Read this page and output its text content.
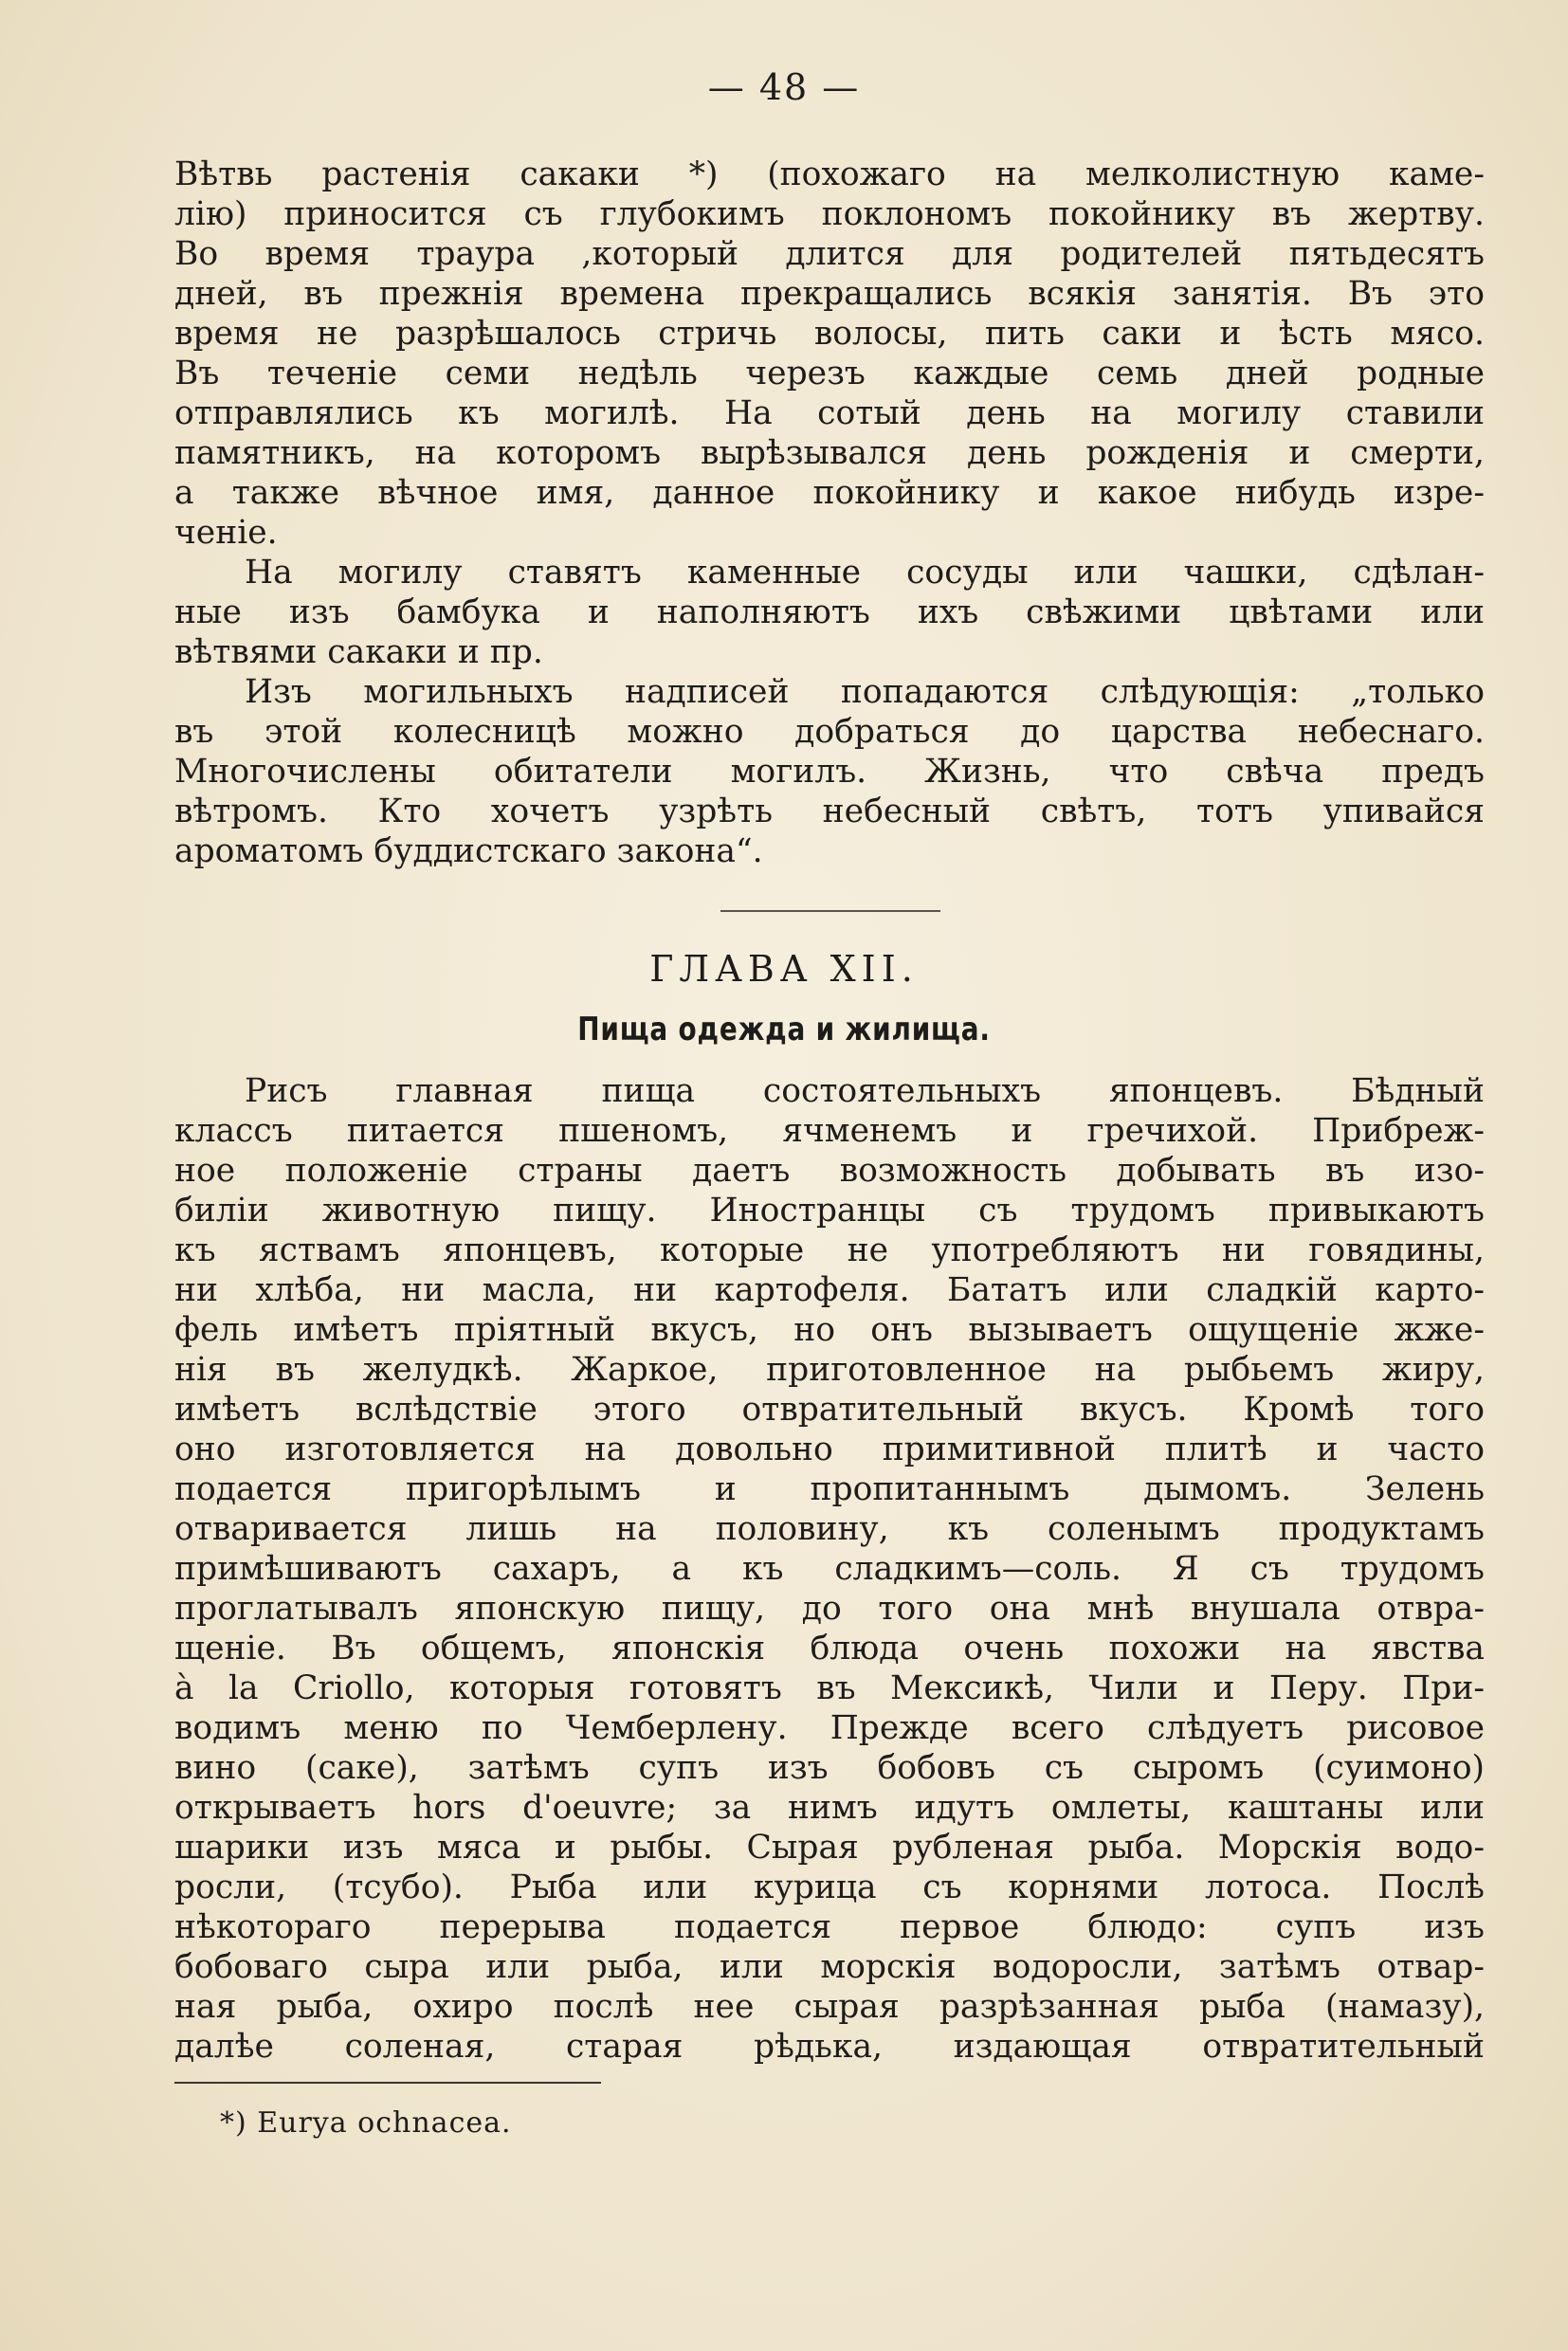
— 48 —
Вѣтвь растенія сакаки *) (похожаго на мелколистную каме-
лію) приносится съ глубокимъ поклономъ покойнику въ жертву.
Во время траура ,который длится для родителей пятьдесятъ
дней, въ прежнія времена прекращались всякія занятія. Въ это
время не разрѣшалось стричь волосы, пить саки и ѣсть мясо.
Въ теченіе семи недѣль черезъ каждые семь дней родные
отправлялись къ могилѣ. На сотый день на могилу ставили
памятникъ, на которомъ вырѣзывался день рожденія и смерти,
а также вѣчное имя, данное покойнику и какое нибудь изре-
ченіе.
На могилу ставятъ каменные сосуды или чашки, сдѣлан-
ные изъ бамбука и наполняютъ ихъ свѣжими цвѣтами или
вѣтвями сакаки и пр.
Изъ могильныхъ надписей попадаются слѣдующія: „только
въ этой колесницѣ можно добраться до царства небеснаго.
Многочислены обитатели могилъ. Жизнь, что свѣча предъ
вѣтромъ. Кто хочетъ узрѣть небесный свѣтъ, тотъ упивайся
ароматомъ буддистскаго закона“.
ГЛАВА XII.
Пища одежда и жилища.
Рисъ главная пища состоятельныхъ японцевъ. Бѣдный
классъ питается пшеномъ, ячменемъ и гречихой. Прибреж-
ное положеніе страны даетъ возможность добывать въ изо-
биліи животную пищу. Иностранцы съ трудомъ привыкаютъ
къ яствамъ японцевъ, которые не употребляютъ ни говядины,
ни хлѣба, ни масла, ни картофеля. Бататъ или сладкій карто-
фель имѣетъ пріятный вкусъ, но онъ вызываетъ ощущеніе жже-
нія въ желудкѣ. Жаркое, приготовленное на рыбьемъ жиру,
имѣетъ вслѣдствіе этого отвратительный вкусъ. Кромѣ того
оно изготовляется на довольно примитивной плитѣ и часто
подается пригорѣлымъ и пропитаннымъ дымомъ. Зелень
отваривается лишь на половину, къ соленымъ продуктамъ
примѣшиваютъ сахаръ, а къ сладкимъ—соль. Я съ трудомъ
проглатывалъ японскую пищу, до того она мнѣ внушала отвра-
щеніе. Въ общемъ, японскія блюда очень похожи на явства
à la Criollo, которыя готовятъ въ Мексикѣ, Чили и Перу. При-
водимъ меню по Чемберлену. Прежде всего слѣдуетъ рисовое
вино (саке), затѣмъ супъ изъ бобовъ съ сыромъ (суимоно)
открываетъ hors d'oeuvre; за нимъ идутъ омлеты, каштаны или
шарики изъ мяса и рыбы. Сырая рубленая рыба. Морскія водо-
росли, (тсубо). Рыба или курица съ корнями лотоса. Послѣ
нѣкотораго перерыва подается первое блюдо: супъ изъ
бобоваго сыра или рыба, или морскія водоросли, затѣмъ отвар-
ная рыба, охиро послѣ нее сырая разрѣзанная рыба (намазу),
далѣе соленая, старая рѣдька, издающая отвратительный
*) Eurya ochnacea.
